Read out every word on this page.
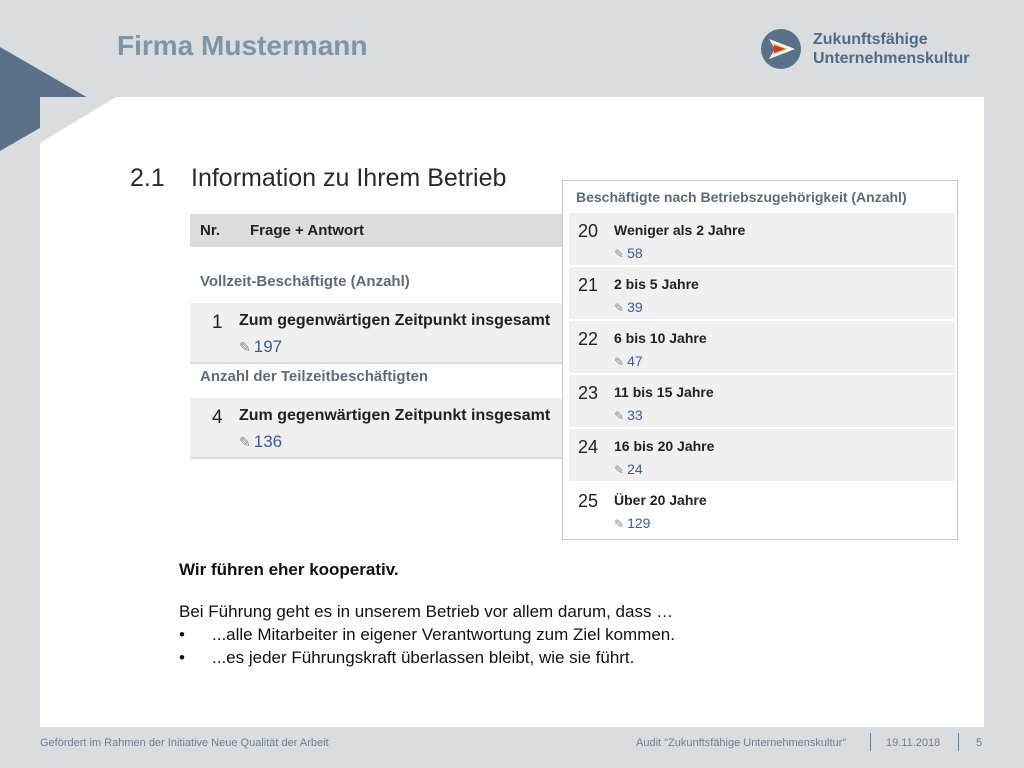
Firma Mustermann	Zukunftsfähige
Unternehmenskultur
2.1 Information zu Ihrem Betrieb
Nr.	Frage + Antwort
Vollzeit-Beschäftigte (Anzahl)
1 Zum gegenwärtigen Zeitpunkt insgesamt
✎ 197
Anzahl der Teilzeitbeschäftigten
4 Zum gegenwärtigen Zeitpunkt insgesamt
✎ 136
Beschäftigte nach Betriebszugehörigkeit (Anzahl)
20 Weniger als 2 Jahre
✎ 58
21 2 bis 5 Jahre
✎ 39
22 6 bis 10 Jahre
✎ 47
23 11 bis 15 Jahre
✎ 33
24 16 bis 20 Jahre
✎ 24
25 Über 20 Jahre
✎ 129
Wir führen eher kooperativ.
Bei Führung geht es in unserem Betrieb vor allem darum, dass …
•	...alle Mitarbeiter in eigener Verantwortung zum Ziel kommen.
•	...es jeder Führungskraft überlassen bleibt, wie sie führt.
Gefördert im Rahmen der Initiative Neue Qualität der Arbeit	Audit "Zukunftsfähige Unternehmenskultur"	19.11.2018	5
